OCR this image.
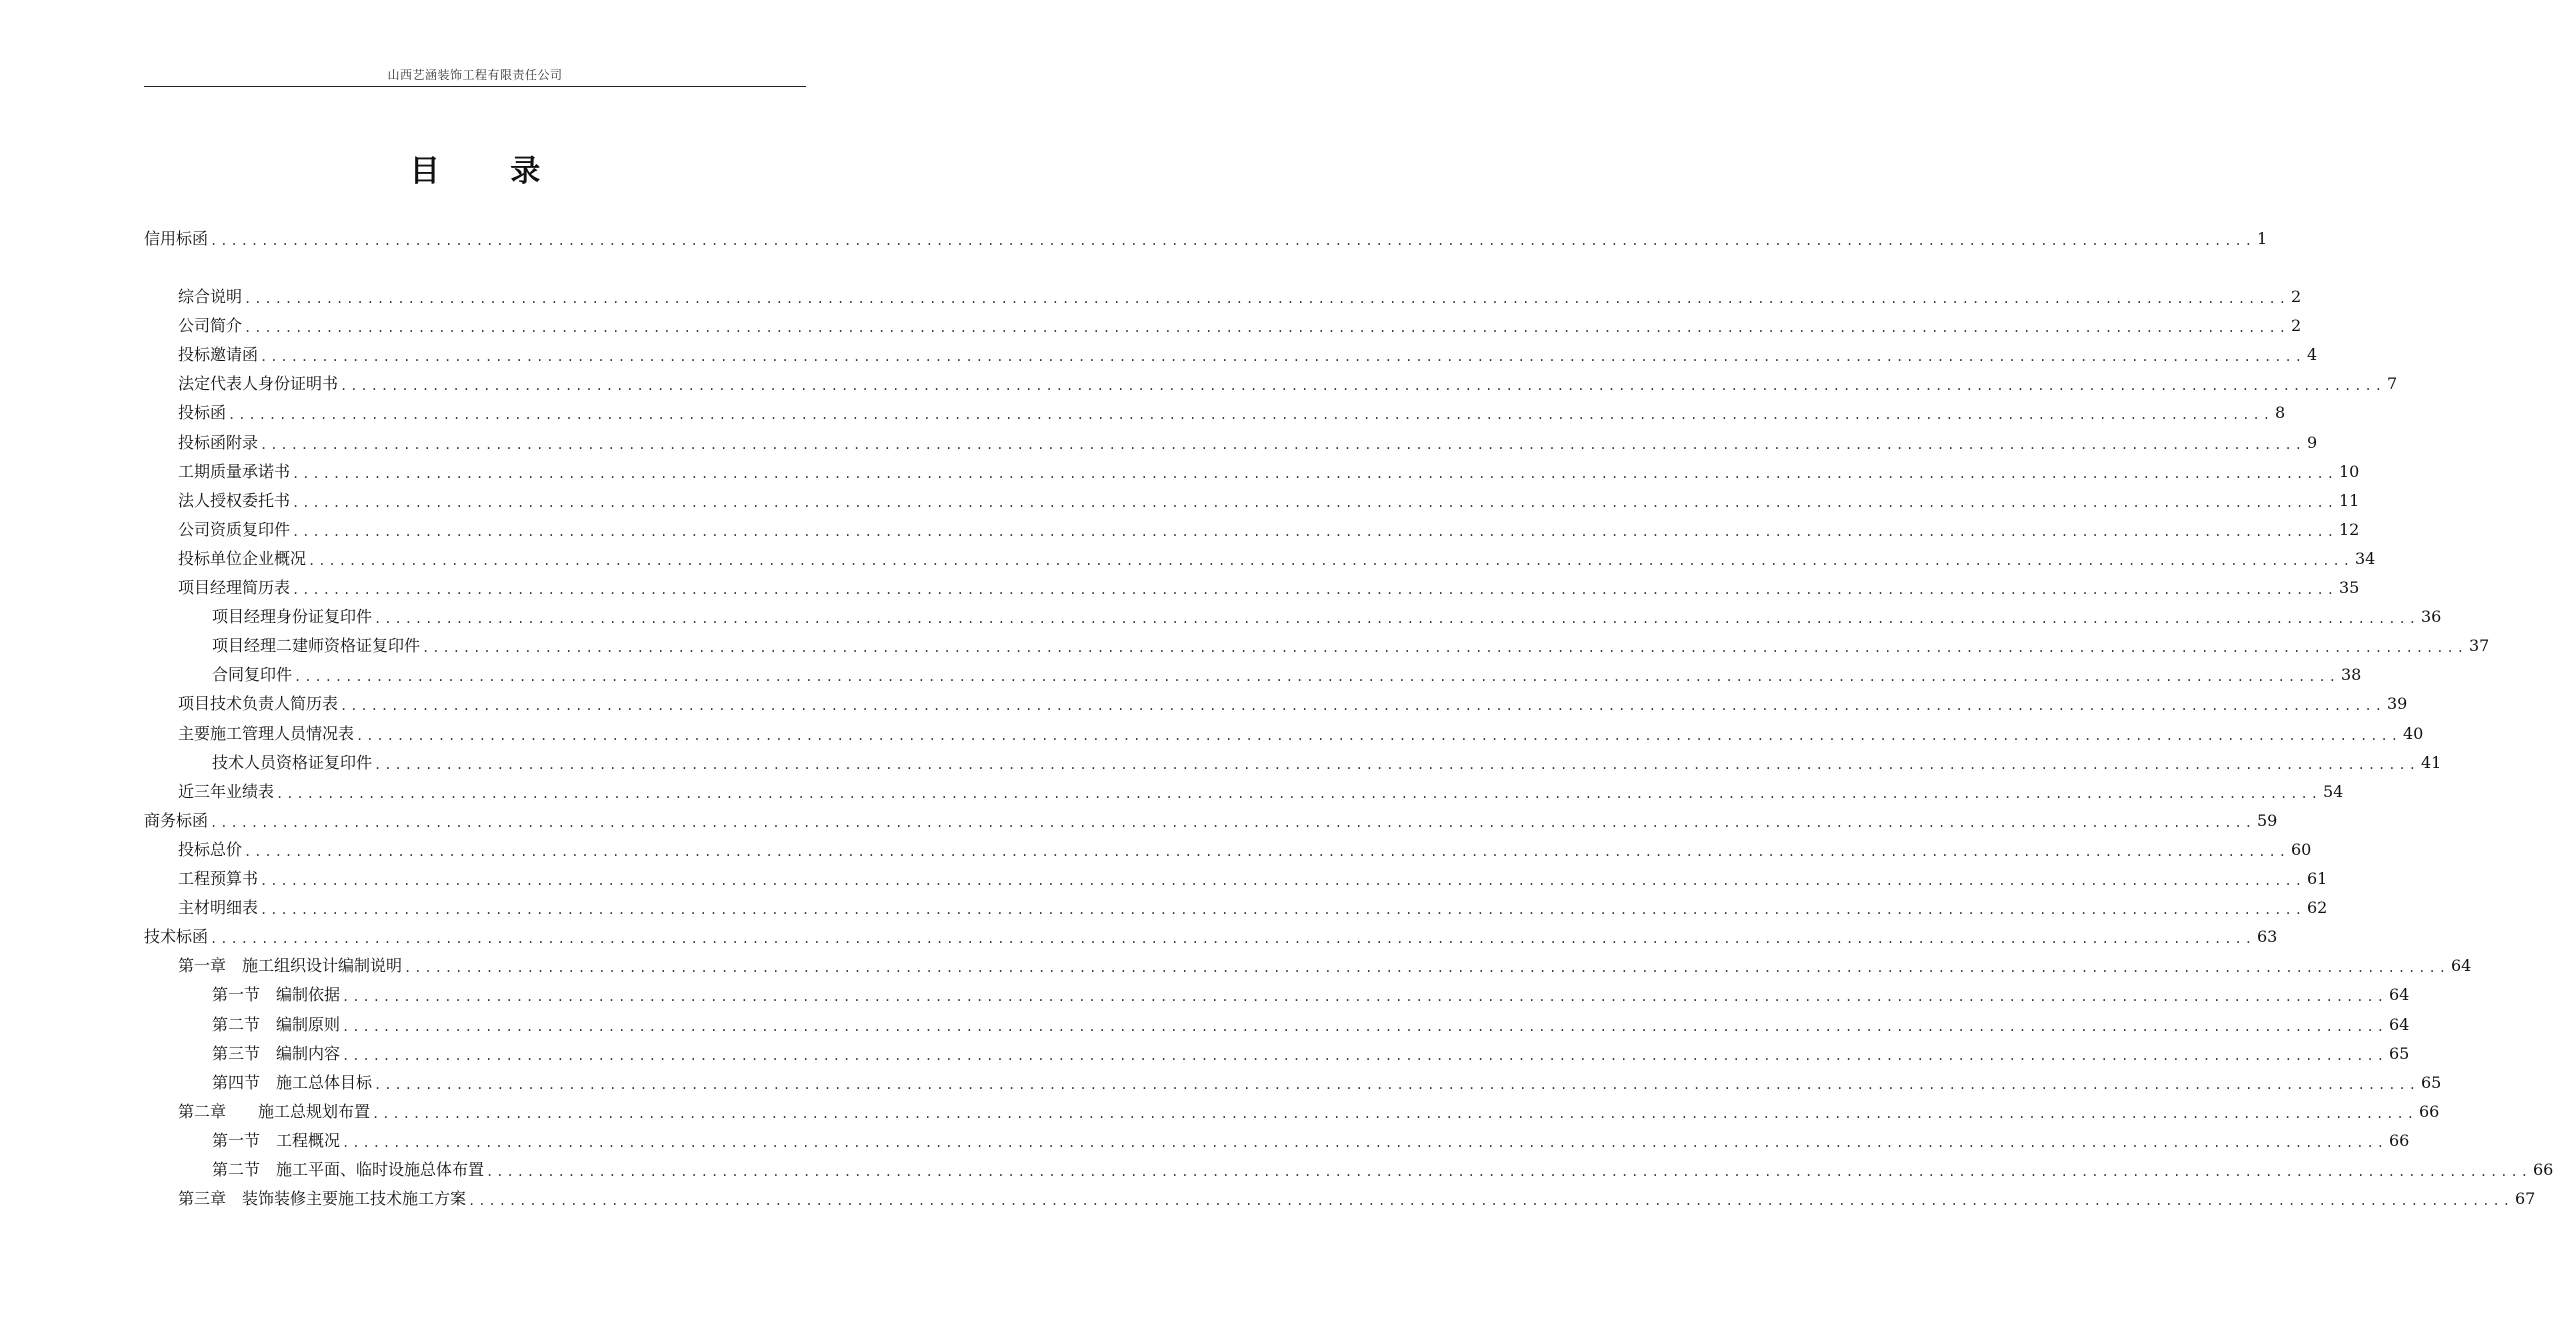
山西艺涵装饰工程有限责任公司
目 录
信用标函 ........................................................................................................................................................................................................ 1
综合说明 ........................................................................................................................................................................................................ 2
公司简介 ........................................................................................................................................................................................................ 2
投标邀请函 ........................................................................................................................................................................................................ 4
法定代表人身份证明书 ........................................................................................................................................................................................................ 7
投标函 ........................................................................................................................................................................................................ 8
投标函附录 ........................................................................................................................................................................................................ 9
工期质量承诺书 ........................................................................................................................................................................................................ 10
法人授权委托书 ........................................................................................................................................................................................................ 11
公司资质复印件 ........................................................................................................................................................................................................ 12
投标单位企业概况 ........................................................................................................................................................................................................ 34
项目经理简历表 ........................................................................................................................................................................................................ 35
项目经理身份证复印件 ........................................................................................................................................................................................................ 36
项目经理二建师资格证复印件 ........................................................................................................................................................................................................ 37
合同复印件 ........................................................................................................................................................................................................ 38
项目技术负责人简历表 ........................................................................................................................................................................................................ 39
主要施工管理人员情况表 ........................................................................................................................................................................................................ 40
技术人员资格证复印件 ........................................................................................................................................................................................................ 41
近三年业绩表 ........................................................................................................................................................................................................ 54
商务标函 ........................................................................................................................................................................................................ 59
投标总价 ........................................................................................................................................................................................................ 60
工程预算书 ........................................................................................................................................................................................................ 61
主材明细表 ........................................................................................................................................................................................................ 62
技术标函 ........................................................................................................................................................................................................ 63
第一章　施工组织设计编制说明 ........................................................................................................................................................................................................ 64
第一节　编制依据 ........................................................................................................................................................................................................ 64
第二节　编制原则 ........................................................................................................................................................................................................ 64
第三节　编制内容 ........................................................................................................................................................................................................ 65
第四节　施工总体目标 ........................................................................................................................................................................................................ 65
第二章　　施工总规划布置 ........................................................................................................................................................................................................ 66
第一节　工程概况 ........................................................................................................................................................................................................ 66
第二节　施工平面、临时设施总体布置 ........................................................................................................................................................................................................ 66
第三章　装饰装修主要施工技术施工方案 ........................................................................................................................................................................................................ 67
